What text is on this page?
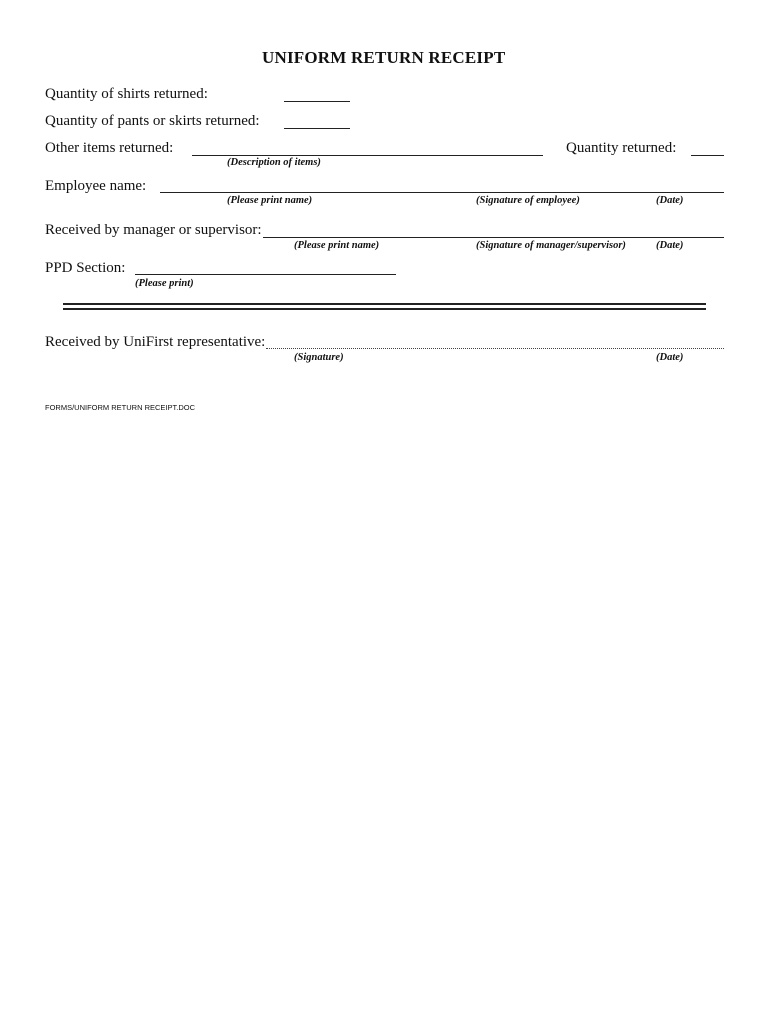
UNIFORM RETURN RECEIPT
Quantity of shirts returned:
Quantity of pants or skirts returned:
Other items returned:
(Description of items)
Quantity returned:
Employee name:
(Please print name)	(Signature of employee)	(Date)
Received by manager or supervisor:
(Please print name)	(Signature of manager/supervisor)	(Date)
PPD Section:
(Please print)
Received by UniFirst representative:
(Signature)	(Date)
FORMS/UNIFORM RETURN RECEIPT.DOC
